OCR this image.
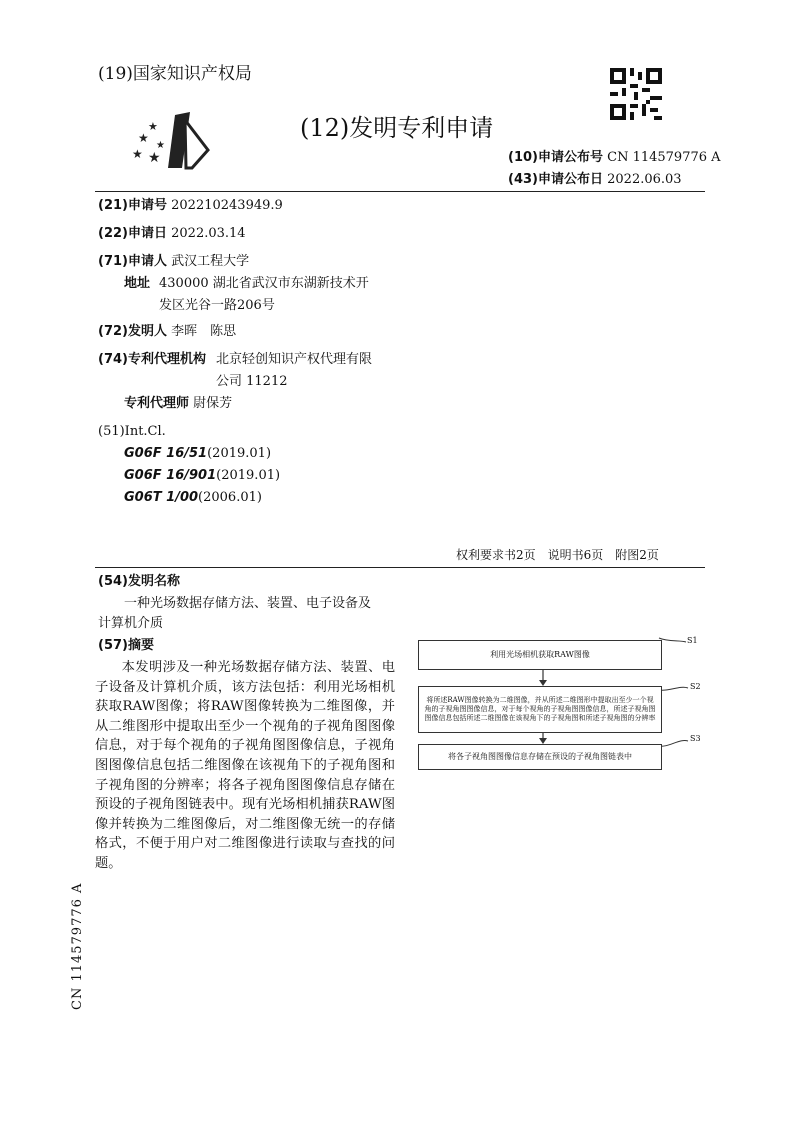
(19)国家知识产权局
★
★
★ ★
★
(12)发明专利申请
(10)申请公布号 CN 114579776 A
(43)申请公布日 2022.06.03
(21)申请号 202210243949.9
(22)申请日 2022.03.14
(71)申请人 武汉工程大学
地址 430000 湖北省武汉市东湖新技术开
发区光谷一路206号
(72)发明人 李晖　陈思
(74)专利代理机构 北京轻创知识产权代理有限
公司 11212
专利代理师 尉保芳
(51)Int.Cl.
G06F 16/51(2019.01)
G06F 16/901(2019.01)
G06T 1/00(2006.01)
权利要求书2页　说明书6页　附图2页
(54)发明名称
一种光场数据存储方法、装置、电子设备及
计算机介质
(57)摘要

本发明涉及一种光场数据存储方法、装置、电子设备及计算机介质，该方法包括：利用光场相机获取RAW图像；将RAW图像转换为二维图像，并从二维图形中提取出至少一个视角的子视角图图像信息，对于每个视角的子视角图图像信息，子视角图图像信息包括二维图像在该视角下的子视角图和子视角图的分辨率；将各子视角图图像信息存储在预设的子视角图链表中。现有光场相机捕获RAW图像并转换为二维图像后，对二维图像无统一的存储格式，不便于用户对二维图像进行读取与查找的问题。

S1
利用光场相机获取RAW图像
S2
将所述RAW图像转换为二维图像，并从所述二维图形中提取出至少一个视角的子视角图图像信息，对于每个视角的子视角图图像信息，所述子视角图图像信息包括所述二维图像在该视角下的子视角图和所述子视角图的分辨率
S3
将各子视角图图像信息存储在预设的子视角图链表中
CN 114579776 A
